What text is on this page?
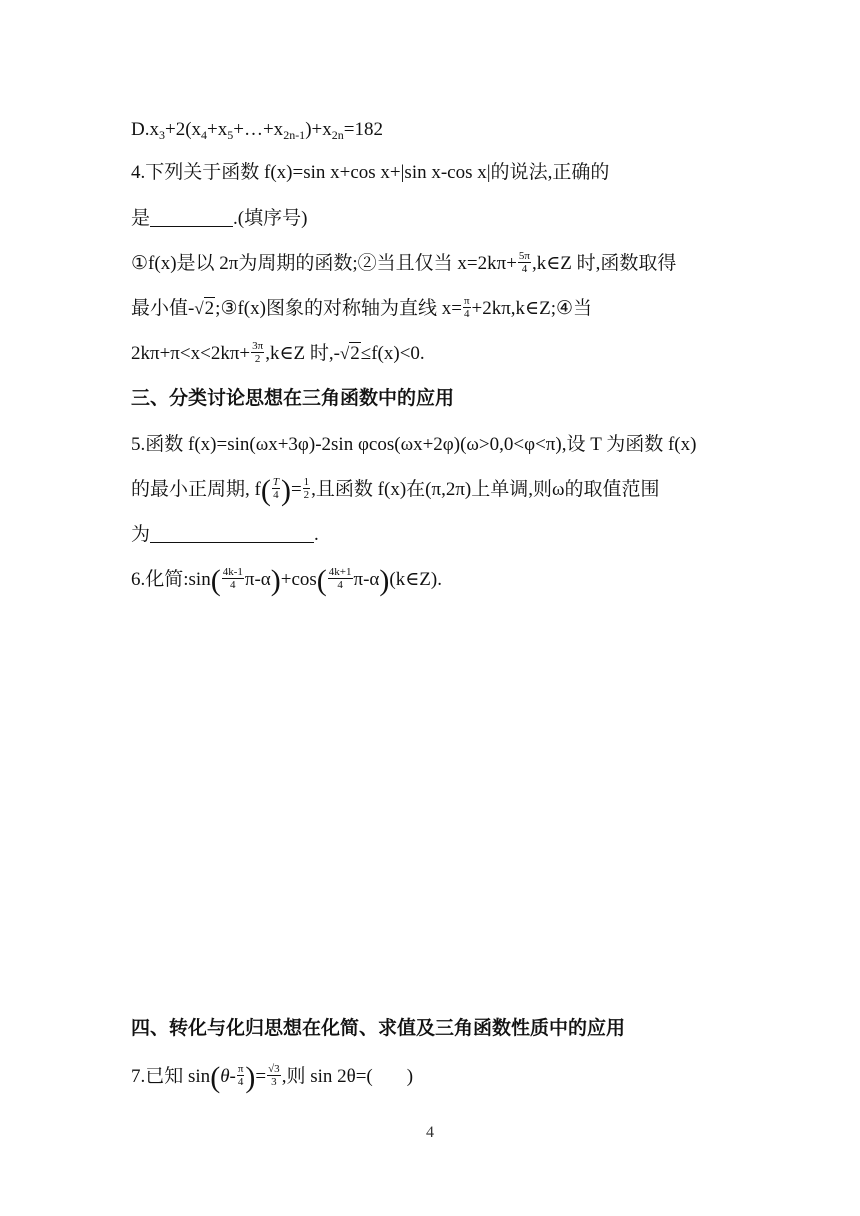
$D.x_3+2(x_4+x_5+\dots+x_{2n-1})+x_{2n}=182$
4.下列关于函数 f(x)=sin x+cos x+|sin x-cos x|的说法,正确的
是	.(填序号)
①f(x)是以 2π为周期的函数;②当且仅当 $x=2k\pi+ \frac{5\pi}{4}$ ,k∈Z 时,函数取得
最小值-√2;③f(x)图象的对称轴为直线 $x= \frac{\pi}{4}$ +2kπ,k∈Z;④当
$2k\pi+\pi<x<2k\pi+ \frac{3\pi}{2}$ ,k∈Z 时,-√2≤f(x)<0.
三、分类讨论思想在三角函数中的应用
5.函数 f(x)=sin(ωx+3φ)-2sin φcos(ωx+2φ)(ω>0,0<φ<π),设 T 为函数 f(x)
的最小正周期, $f( \frac{T}{4}$ )= $\frac{1}{2}$ ,且函数 f(x)在(π,2π)上单调,则ω的取值范围
为	.
6.化简:sin( $\frac{4k-1}{4} \pi-\alpha)+\cos( \frac{4k+1}{4}$ π-α)(k∈Z).
四、转化与化归思想在化简、求值及三角函数性质中的应用
7.已知 $\sin(\theta- \frac{\pi}{4}$ )= $\frac{√3}{3}$ ,则 sin 2θ=( )
4
